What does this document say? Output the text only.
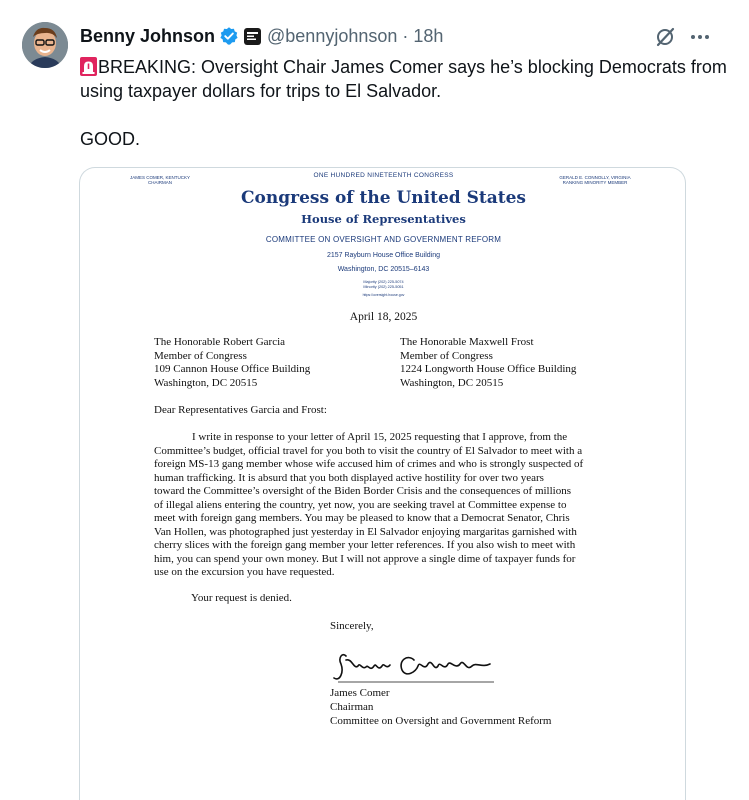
Benny Johnson	@bennyjohnson · 18h
BREAKING: Oversight Chair James Comer says he’s blocking Democrats from using taxpayer dollars for trips to El Salvador.
GOOD.
JAMES COMER, KENTUCKY
CHAIRMAN
GERALD E. CONNOLLY, VIRGINIA
RANKING MINORITY MEMBER
ONE HUNDRED NINETEENTH CONGRESS
Congress of the United States
House of Representatives
COMMITTEE ON OVERSIGHT AND GOVERNMENT REFORM
2157 Rayburn House Office Building
Washington, DC 20515–6143
Majority (202) 225-5074
Minority (202) 225-5051
https://oversight.house.gov
April 18, 2025
The Honorable Robert Garcia
Member of Congress
109 Cannon House Office Building
Washington, DC 20515
The Honorable Maxwell Frost
Member of Congress
1224 Longworth House Office Building
Washington, DC 20515
Dear Representatives Garcia and Frost:
I write in response to your letter of April 15, 2025 requesting that I approve, from the
Committee’s budget, official travel for you both to visit the country of El Salvador to meet with a
foreign MS-13 gang member whose wife accused him of crimes and who is strongly suspected of
human trafficking. It is absurd that you both displayed active hostility for over two years
toward the Committee’s oversight of the Biden Border Crisis and the consequences of millions
of illegal aliens entering the country, yet now, you are seeking travel at Committee expense to
meet with foreign gang members. You may be pleased to know that a Democrat Senator, Chris
Van Hollen, was photographed just yesterday in El Salvador enjoying margaritas garnished with
cherry slices with the foreign gang member your letter references. If you also wish to meet with
him, you can spend your own money. But I will not approve a single dime of taxpayer funds for
use on the excursion you have requested.
Your request is denied.
Sincerely,
James Comer
Chairman
Committee on Oversight and Government Reform
